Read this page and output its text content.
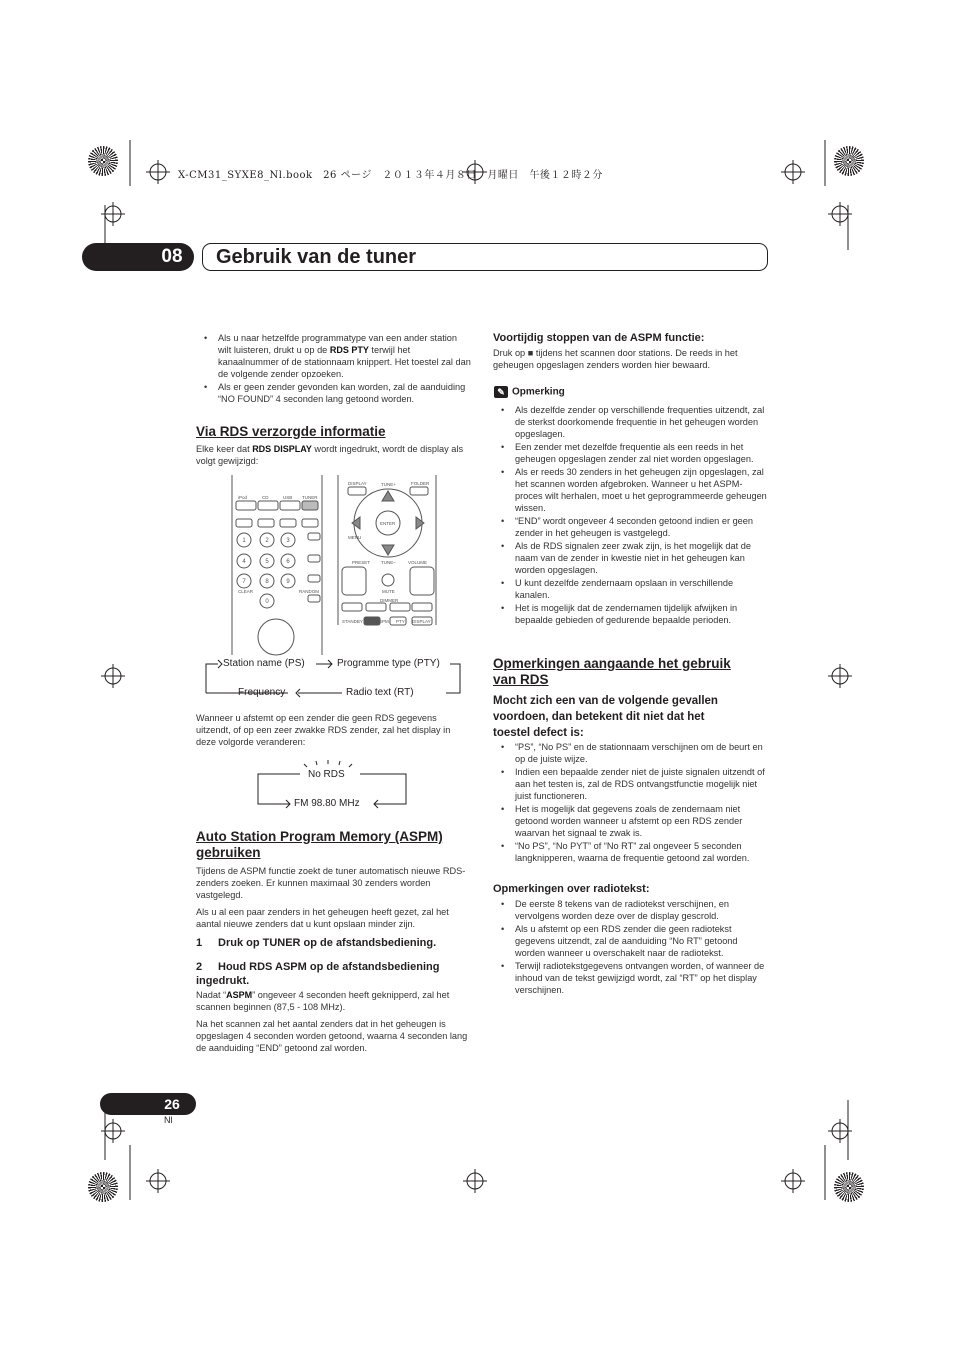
X-CM31_SYXE8_Nl.book　26 ページ　２０１３年４月８日　月曜日　午後１２時２分
08	Gebruik van de tuner
• Als u naar hetzelfde programmatype van een ander station wilt luisteren, drukt u op de RDS PTY terwijl het kanaalnummer of de stationnaam knippert. Het toestel zal dan de volgende zender opzoeken.
• Als er geen zender gevonden kan worden, zal de aanduiding “NO FOUND” 4 seconden lang getoond worden.
Via RDS verzorgde informatie
Elke keer dat RDS DISPLAY wordt ingedrukt, wordt de display als volgt gewijzigd:
iPod	CD	USB TUNER
DISPLAY	TUNE+	FOLDER
ENTER
MENU
PRESET TUNE–	VOLUME
MUTE
DIMMER
STANDBY	ASPM PTY DISPLAY
CLEAR	RANDOM
1	2	3
4	5	6
7	8	9
0
Station name (PS)	Programme type (PTY)
Frequency	Radio text (RT)
Wanneer u afstemt op een zender die geen RDS gegevens uitzendt, of op een zeer zwakke RDS zender, zal het display in deze volgorde veranderen:
No RDS
FM 98.80 MHz
Auto Station Program Memory (ASPM)
gebruiken

Tijdens de ASPM functie zoekt de tuner automatisch nieuwe RDS-zenders zoeken. Er kunnen maximaal 30 zenders worden vastgelegd.

Als u al een paar zenders in het geheugen heeft gezet, zal het aantal nieuwe zenders dat u kunt opslaan minder zijn.

1 Druk op TUNER op de afstandsbediening.
2 Houd RDS ASPM op de afstandsbediening
ingedrukt.

Nadat “ASPM” ongeveer 4 seconden heeft geknipperd, zal het scannen beginnen (87,5 - 108 MHz).

Na het scannen zal het aantal zenders dat in het geheugen is opgeslagen 4 seconden worden getoond, waarna 4 seconden lang de aanduiding “END” getoond zal worden.

Voortijdig stoppen van de ASPM functie:
Druk op ■ tijdens het scannen door stations. De reeds in het geheugen opgeslagen zenders worden hier bewaard.
✎ Opmerking
• Als dezelfde zender op verschillende frequenties uitzendt, zal de sterkst doorkomende frequentie in het geheugen worden opgeslagen.
• Een zender met dezelfde frequentie als een reeds in het geheugen opgeslagen zender zal niet worden opgeslagen.
• Als er reeds 30 zenders in het geheugen zijn opgeslagen, zal het scannen worden afgebroken. Wanneer u het ASPM-proces wilt herhalen, moet u het geprogrammeerde geheugen wissen.
• “END” wordt ongeveer 4 seconden getoond indien er geen zender in het geheugen is vastgelegd.
• Als de RDS signalen zeer zwak zijn, is het mogelijk dat de naam van de zender in kwestie niet in het geheugen kan worden opgeslagen.
• U kunt dezelfde zendernaam opslaan in verschillende kanalen.
• Het is mogelijk dat de zendernamen tijdelijk afwijken in bepaalde gebieden of gedurende bepaalde perioden.
Opmerkingen aangaande het gebruik
van RDS
Mocht zich een van de volgende gevallen
voordoen, dan betekent dit niet dat het
toestel defect is:
• “PS”, “No PS” en de stationnaam verschijnen om de beurt en op de juiste wijze.
• Indien een bepaalde zender niet de juiste signalen uitzendt of aan het testen is, zal de RDS ontvangstfunctie mogelijk niet juist functioneren.
• Het is mogelijk dat gegevens zoals de zendernaam niet getoond worden wanneer u afstemt op een RDS zender waarvan het signaal te zwak is.
• “No PS”, “No PYT” of “No RT” zal ongeveer 5 seconden langknipperen, waarna de frequentie getoond zal worden.
Opmerkingen over radiotekst:
• De eerste 8 tekens van de radiotekst verschijnen, en vervolgens worden deze over de display gescrold.
• Als u afstemt op een RDS zender die geen radiotekst gegevens uitzendt, zal de aanduiding “No RT” getoond worden wanneer u overschakelt naar de radiotekst.
• Terwijl radiotekstgegevens ontvangen worden, of wanneer de inhoud van de tekst gewijzigd wordt, zal “RT” op het display verschijnen.
26
Nl
